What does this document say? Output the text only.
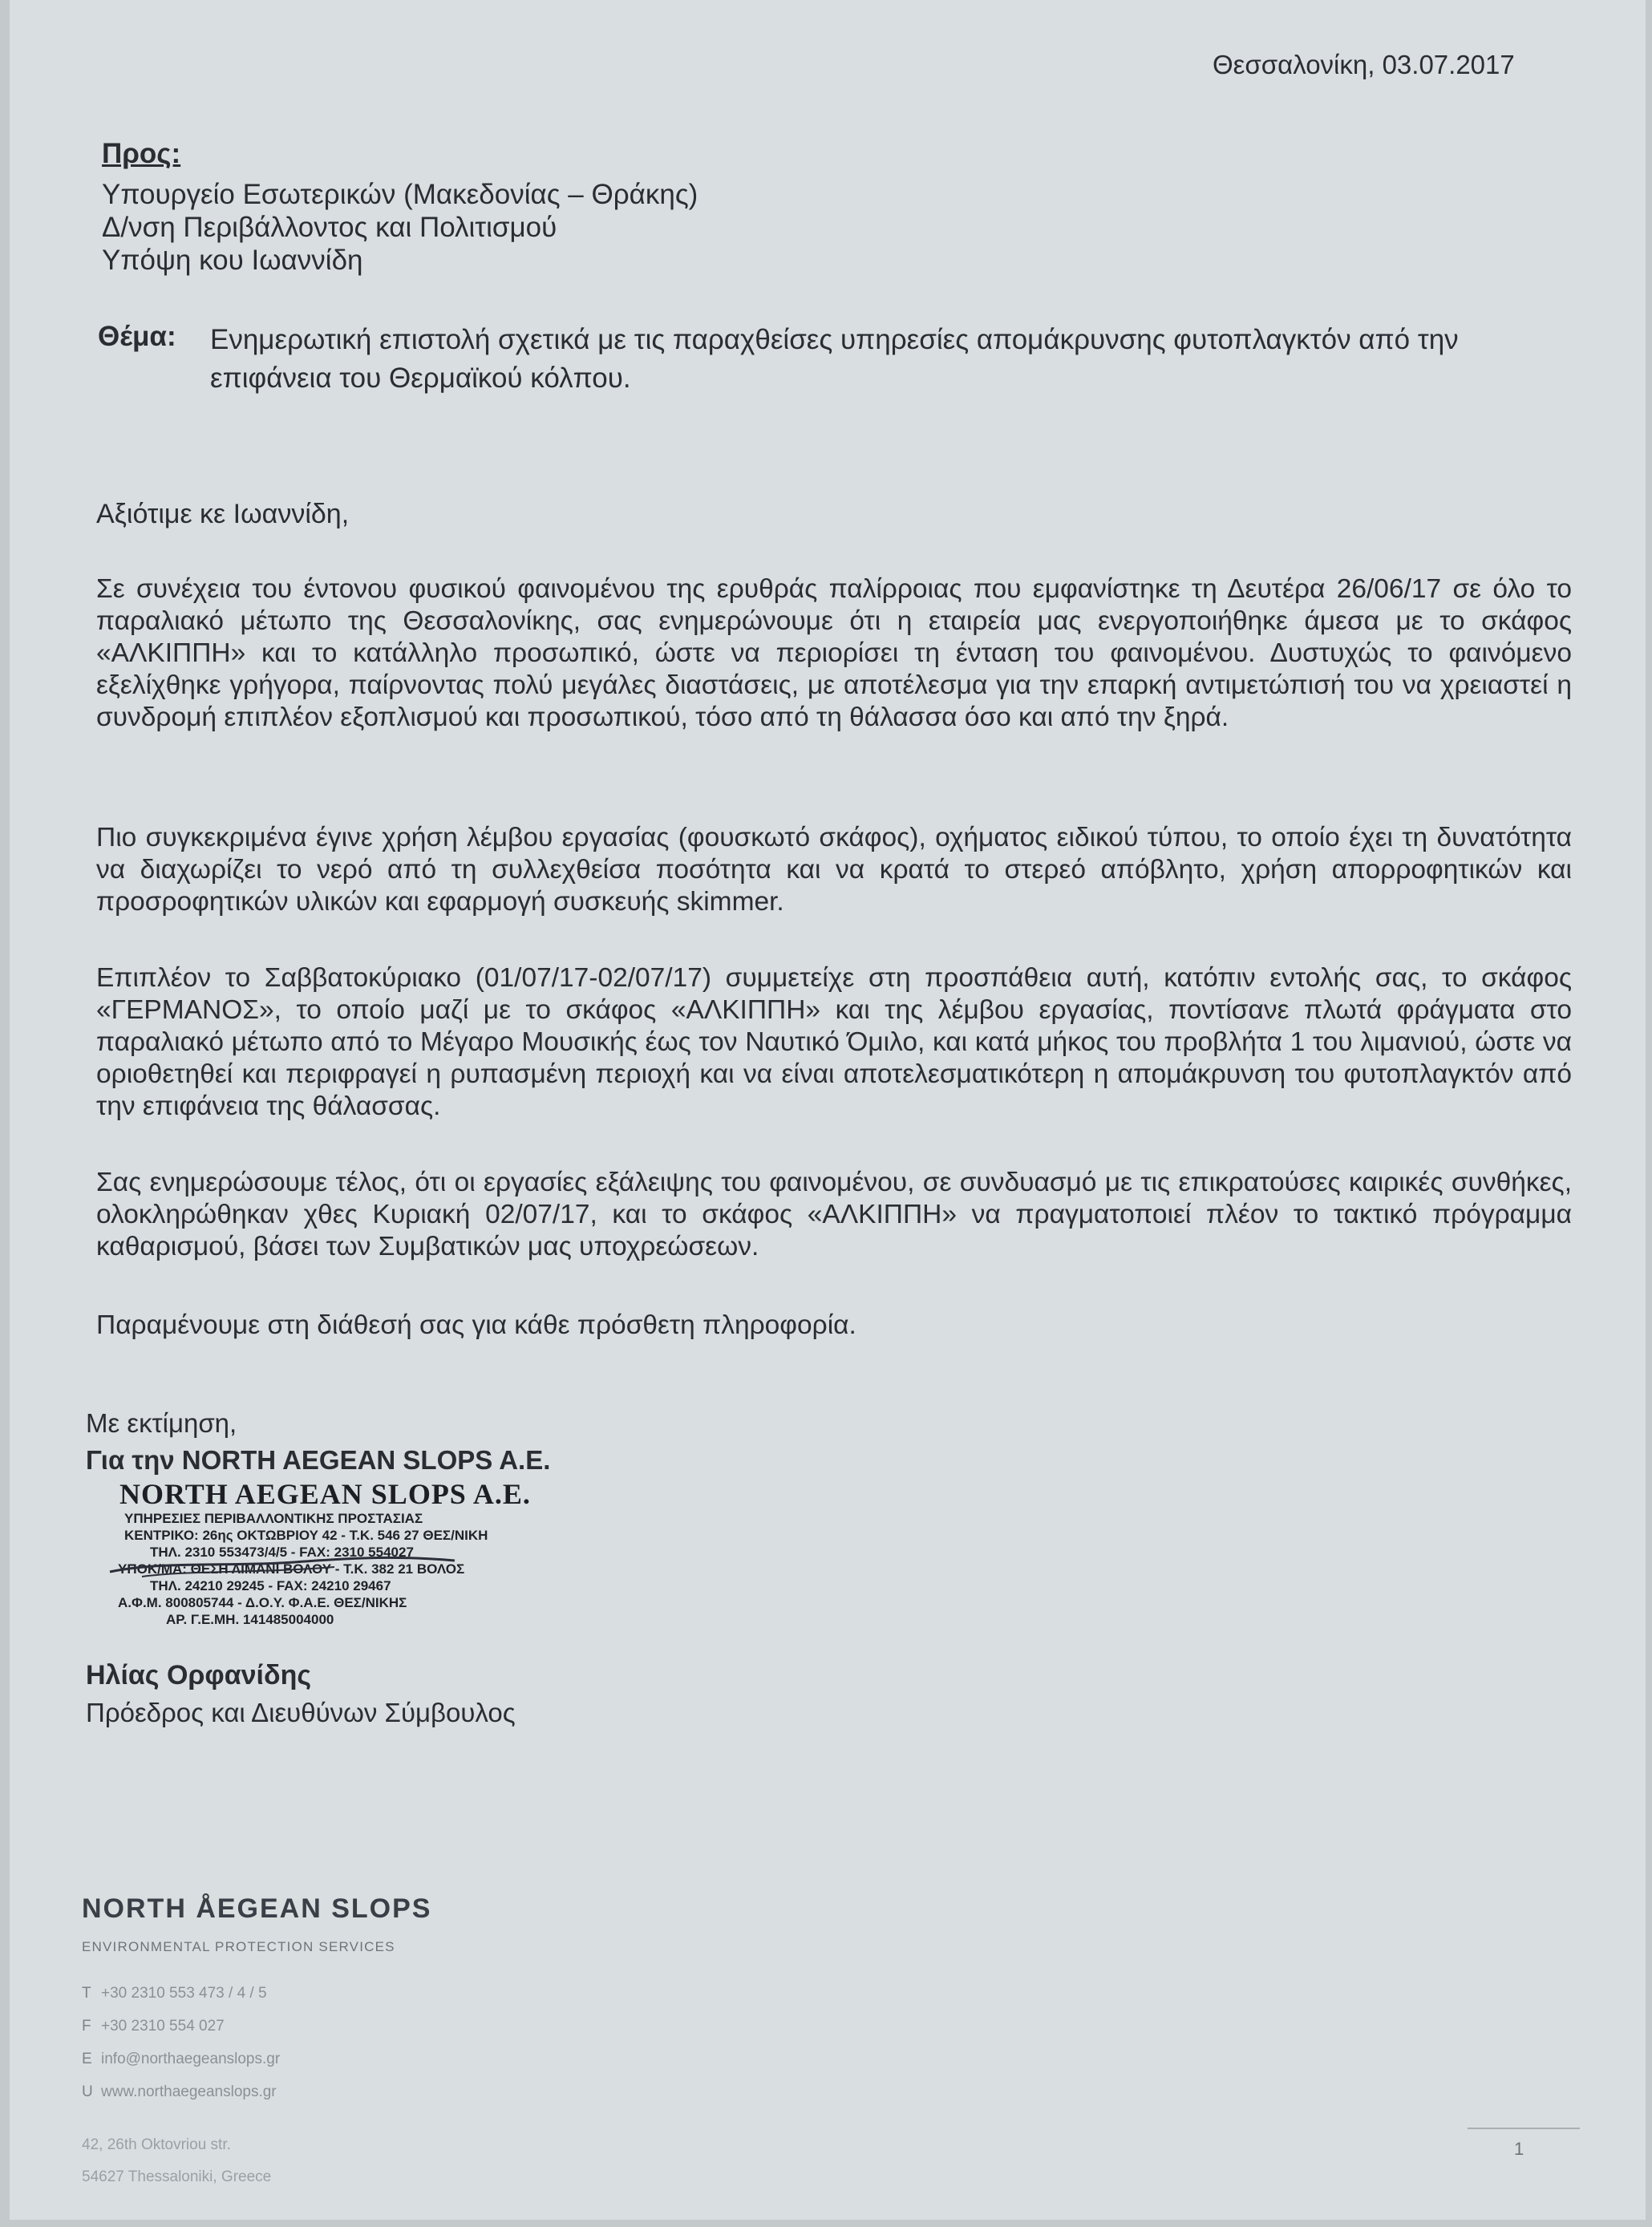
Θεσσαλονίκη, 03.07.2017
Προς:
Υπουργείο Εσωτερικών (Μακεδονίας – Θράκης)
Δ/νση Περιβάλλοντος και Πολιτισμού
Υπόψη κου Ιωαννίδη
Θέμα: Ενημερωτική επιστολή σχετικά με τις παραχθείσες υπηρεσίες απομάκρυνσης φυτοπλαγκτόν από την επιφάνεια του Θερμαϊκού κόλπου.
Αξιότιμε κε Ιωαννίδη,
Σε συνέχεια του έντονου φυσικού φαινομένου της ερυθράς παλίρροιας που εμφανίστηκε τη Δευτέρα 26/06/17 σε όλο το παραλιακό μέτωπο της Θεσσαλονίκης, σας ενημερώνουμε ότι η εταιρεία μας ενεργοποιήθηκε άμεσα με το σκάφος «ΑΛΚΙΠΠΗ» και το κατάλληλο προσωπικό, ώστε να περιορίσει τη ένταση του φαινομένου. Δυστυχώς το φαινόμενο εξελίχθηκε γρήγορα, παίρνοντας πολύ μεγάλες διαστάσεις, με αποτέλεσμα για την επαρκή αντιμετώπισή του να χρειαστεί η συνδρομή επιπλέον εξοπλισμού και προσωπικού, τόσο από τη θάλασσα όσο και από την ξηρά.
Πιο συγκεκριμένα έγινε χρήση λέμβου εργασίας (φουσκωτό σκάφος), οχήματος ειδικού τύπου, το οποίο έχει τη δυνατότητα να διαχωρίζει το νερό από τη συλλεχθείσα ποσότητα και να κρατά το στερεό απόβλητο, χρήση απορροφητικών και προσροφητικών υλικών και εφαρμογή συσκευής skimmer.
Επιπλέον το Σαββατοκύριακο (01/07/17-02/07/17) συμμετείχε στη προσπάθεια αυτή, κατόπιν εντολής σας, το σκάφος «ΓΕΡΜΑΝΟΣ», το οποίο μαζί με το σκάφος «ΑΛΚΙΠΠΗ» και της λέμβου εργασίας, ποντίσανε πλωτά φράγματα στο παραλιακό μέτωπο από το Μέγαρο Μουσικής έως τον Ναυτικό Όμιλο, και κατά μήκος του προβλήτα 1 του λιμανιού, ώστε να οριοθετηθεί και περιφραγεί η ρυπασμένη περιοχή και να είναι αποτελεσματικότερη η απομάκρυνση του φυτοπλαγκτόν από την επιφάνεια της θάλασσας.
Σας ενημερώσουμε τέλος, ότι οι εργασίες εξάλειψης του φαινομένου, σε συνδυασμό με τις επικρατούσες καιρικές συνθήκες, ολοκληρώθηκαν χθες Κυριακή 02/07/17, και το σκάφος «ΑΛΚΙΠΠΗ» να πραγματοποιεί πλέον το τακτικό πρόγραμμα καθαρισμού, βάσει των Συμβατικών μας υποχρεώσεων.
Παραμένουμε στη διάθεσή σας για κάθε πρόσθετη πληροφορία.
Με εκτίμηση,
Για την NORTH AEGEAN SLOPS A.E.
NORTH AEGEAN SLOPS A.E.
ΥΠΗΡΕΣΙΕΣ ΠΕΡΙΒΑΛΛΟΝΤΙΚΗΣ ΠΡΟΣΤΑΣΙΑΣ
ΚΕΝΤΡΙΚΟ: 26ης ΟΚΤΩΒΡΙΟΥ 42 - Τ.Κ. 546 27 ΘΕΣ/ΝΙΚΗ
ΤΗΛ. 2310 553473/4/5 - FAX: 2310 554027
ΥΠΟΚ/ΜΑ: ΘΕΣΗ ΛΙΜΑΝΙ ΒΟΛΟΥ - Τ.Κ. 382 21 ΒΟΛΟΣ
ΤΗΛ. 24210 29245 - FAX: 24210 29467
Α.Φ.Μ. 800805744 - Δ.Ο.Υ. Φ.Α.Ε. ΘΕΣ/ΝΙΚΗΣ
ΑΡ. Γ.Ε.ΜΗ. 141485004000
Ηλίας Ορφανίδης
Πρόεδρος και Διευθύνων Σύμβουλος
NORTH ÅEGEAN SLOPS
ENVIRONMENTAL PROTECTION SERVICES
T +30 2310 553 473 / 4 / 5
F +30 2310 554 027
E info@northaegeanslops.gr
U www.northaegeanslops.gr
42, 26th Oktovriou str.
54627 Thessaloniki, Greece
1
